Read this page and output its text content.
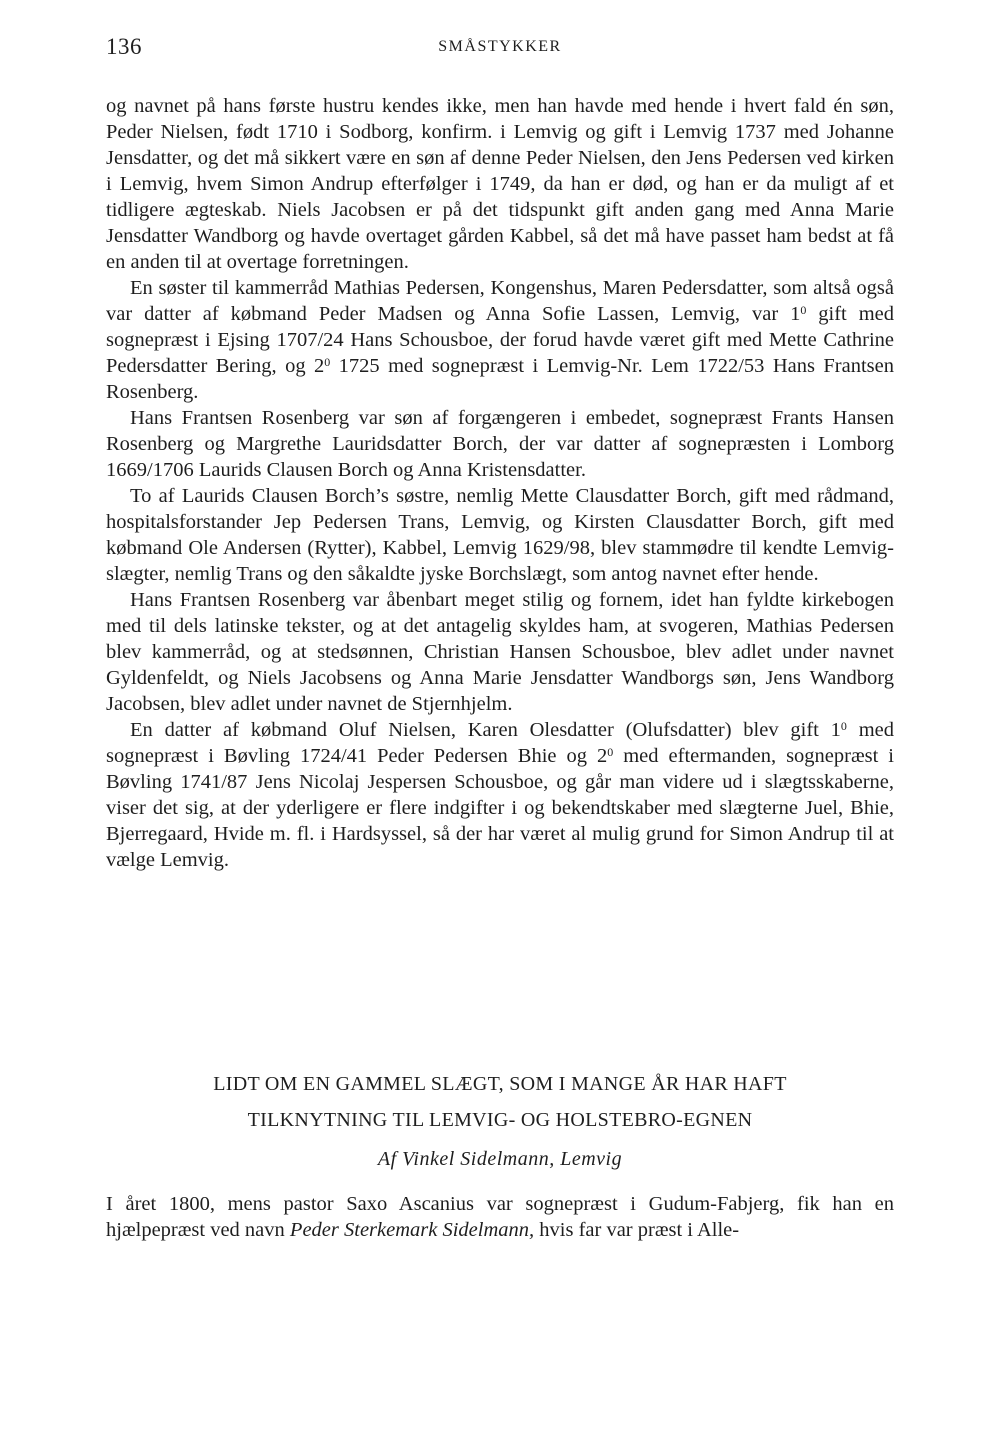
136	SMÅSTYKKER

og navnet på hans første hustru kendes ikke, men han havde med hende i hvert fald én søn, Peder Nielsen, født 1710 i Sodborg, konfirm. i Lemvig og gift i Lemvig 1737 med Johanne Jensdatter, og det må sikkert være en søn af denne Peder Nielsen, den Jens Pedersen ved kirken i Lemvig, hvem Simon Andrup efterfølger i 1749, da han er død, og han er da muligt af et tidligere ægteskab. Niels Jacobsen er på det tidspunkt gift anden gang med Anna Marie Jensdatter Wandborg og havde overtaget gården Kabbel, så det må have passet ham bedst at få en anden til at overtage forretningen.

En søster til kammerråd Mathias Pedersen, Kongenshus, Maren Pedersdatter, som altså også var datter af købmand Peder Madsen og Anna Sofie Lassen, Lemvig, var $1^0$ gift med sognepræst i Ejsing 1707/24 Hans Schousboe, der forud havde været gift med Mette Cathrine Pedersdatter Bering, og $2^0$ 1725 med sognepræst i Lemvig-Nr. Lem 1722/53 Hans Frantsen Rosenberg.

Hans Frantsen Rosenberg var søn af forgængeren i embedet, sognepræst Frants Hansen Rosenberg og Margrethe Lauridsdatter Borch, der var datter af sognepræsten i Lomborg 1669/1706 Laurids Clausen Borch og Anna Kristensdatter.

To af Laurids Clausen Borch’s søstre, nemlig Mette Clausdatter Borch, gift med rådmand, hospitalsforstander Jep Pedersen Trans, Lemvig, og Kirsten Clausdatter Borch, gift med købmand Ole Andersen (Rytter), Kabbel, Lemvig 1629/98, blev stammødre til kendte Lemvig-slægter, nemlig Trans og den såkaldte jyske Borchslægt, som antog navnet efter hende.

Hans Frantsen Rosenberg var åbenbart meget stilig og fornem, idet han fyldte kirkebogen med til dels latinske tekster, og at det antagelig skyldes ham, at svogeren, Mathias Pedersen blev kammerråd, og at stedsønnen, Christian Hansen Schousboe, blev adlet under navnet Gyldenfeldt, og Niels Jacobsens og Anna Marie Jensdatter Wandborgs søn, Jens Wandborg Jacobsen, blev adlet under navnet de Stjernhjelm.

En datter af købmand Oluf Nielsen, Karen Olesdatter (Olufsdatter) blev gift $1^0$ med sognepræst i Bøvling 1724/41 Peder Pedersen Bhie og $2^0$ med eftermanden, sognepræst i Bøvling 1741/87 Jens Nicolaj Jespersen Schousboe, og går man videre ud i slægtsskaberne, viser det sig, at der yderligere er flere indgifter i og bekendtskaber med slægterne Juel, Bhie, Bjerregaard, Hvide m. fl. i Hardsyssel, så der har været al mulig grund for Simon Andrup til at vælge Lemvig.

LIDT OM EN GAMMEL SLÆGT, SOM I MANGE ÅR HAR HAFT
TILKNYTNING TIL LEMVIG- OG HOLSTEBRO-EGNEN
Af Vinkel Sidelmann, Lemvig

I året 1800, mens pastor Saxo Ascanius var sognepræst i Gudum-Fabjerg, fik han en hjælpepræst ved navn Peder Sterkemark Sidelmann, hvis far var præst i Alle-
